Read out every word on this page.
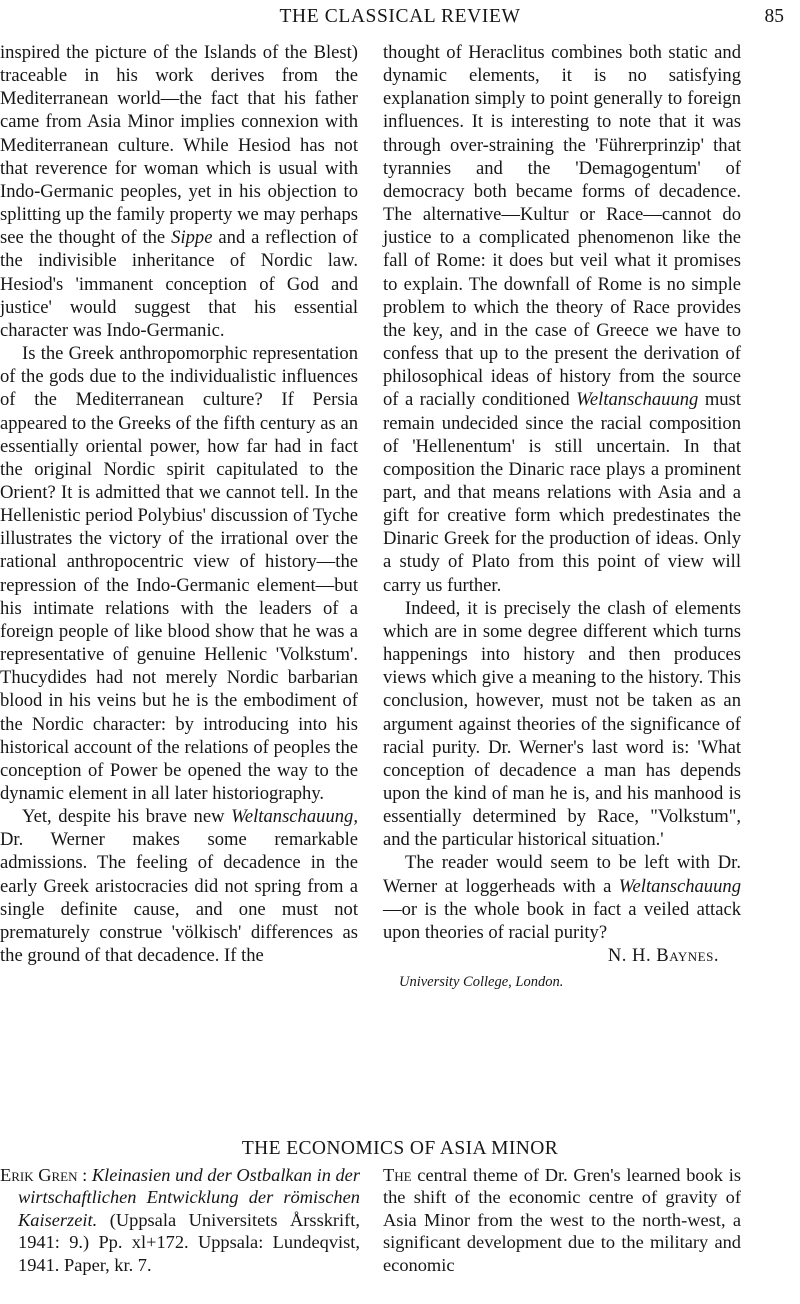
THE CLASSICAL REVIEW	85

inspired the picture of the Islands of the Blest) traceable in his work derives from the Mediterranean world—the fact that his father came from Asia Minor implies connexion with Mediterranean culture. While Hesiod has not that reverence for woman which is usual with Indo-Germanic peoples, yet in his objection to splitting up the family property we may perhaps see the thought of the Sippe and a reflection of the indivisible inheritance of Nordic law. Hesiod's 'immanent conception of God and justice' would suggest that his essential character was Indo-Germanic.

Is the Greek anthropomorphic representation of the gods due to the individualistic influences of the Mediterranean culture? If Persia appeared to the Greeks of the fifth century as an essentially oriental power, how far had in fact the original Nordic spirit capitulated to the Orient? It is admitted that we cannot tell. In the Hellenistic period Polybius' discussion of Tyche illustrates the victory of the irrational over the rational anthropocentric view of history—the repression of the Indo-Germanic element—but his intimate relations with the leaders of a foreign people of like blood show that he was a representative of genuine Hellenic 'Volkstum'. Thucydides had not merely Nordic barbarian blood in his veins but he is the embodiment of the Nordic character: by introducing into his historical account of the relations of peoples the conception of Power be opened the way to the dynamic element in all later historiography.

Yet, despite his brave new Weltanschauung, Dr. Werner makes some remarkable admissions. The feeling of decadence in the early Greek aristocracies did not spring from a single definite cause, and one must not prematurely construe 'völkisch' differences as the ground of that decadence. If the

thought of Heraclitus combines both static and dynamic elements, it is no satisfying explanation simply to point generally to foreign influences. It is interesting to note that it was through over-straining the 'Führerprinzip' that tyrannies and the 'Demagogentum' of democracy both became forms of decadence. The alternative—Kultur or Race—cannot do justice to a complicated phenomenon like the fall of Rome: it does but veil what it promises to explain. The downfall of Rome is no simple problem to which the theory of Race provides the key, and in the case of Greece we have to confess that up to the present the derivation of philosophical ideas of history from the source of a racially conditioned Weltanschauung must remain undecided since the racial composition of 'Hellenentum' is still uncertain. In that composition the Dinaric race plays a prominent part, and that means relations with Asia and a gift for creative form which predestinates the Dinaric Greek for the production of ideas. Only a study of Plato from this point of view will carry us further.

Indeed, it is precisely the clash of elements which are in some degree different which turns happenings into history and then produces views which give a meaning to the history. This conclusion, however, must not be taken as an argument against theories of the significance of racial purity. Dr. Werner's last word is: 'What conception of decadence a man has depends upon the kind of man he is, and his manhood is essentially determined by Race, "Volkstum", and the particular historical situation.'

The reader would seem to be left with Dr. Werner at loggerheads with a Weltanschauung—or is the whole book in fact a veiled attack upon theories of racial purity?

N. H. Baynes.
University College, London.
THE ECONOMICS OF ASIA MINOR
Erik Gren : Kleinasien und der Ostbalkan in der wirtschaftlichen Entwicklung der römischen Kaiserzeit. (Uppsala Universitets Årsskrift, 1941: 9.) Pp. xl+172. Uppsala: Lundeqvist, 1941. Paper, kr. 7.
The central theme of Dr. Gren's learned book is the shift of the economic centre of gravity of Asia Minor from the west to the north-west, a significant development due to the military and economic
